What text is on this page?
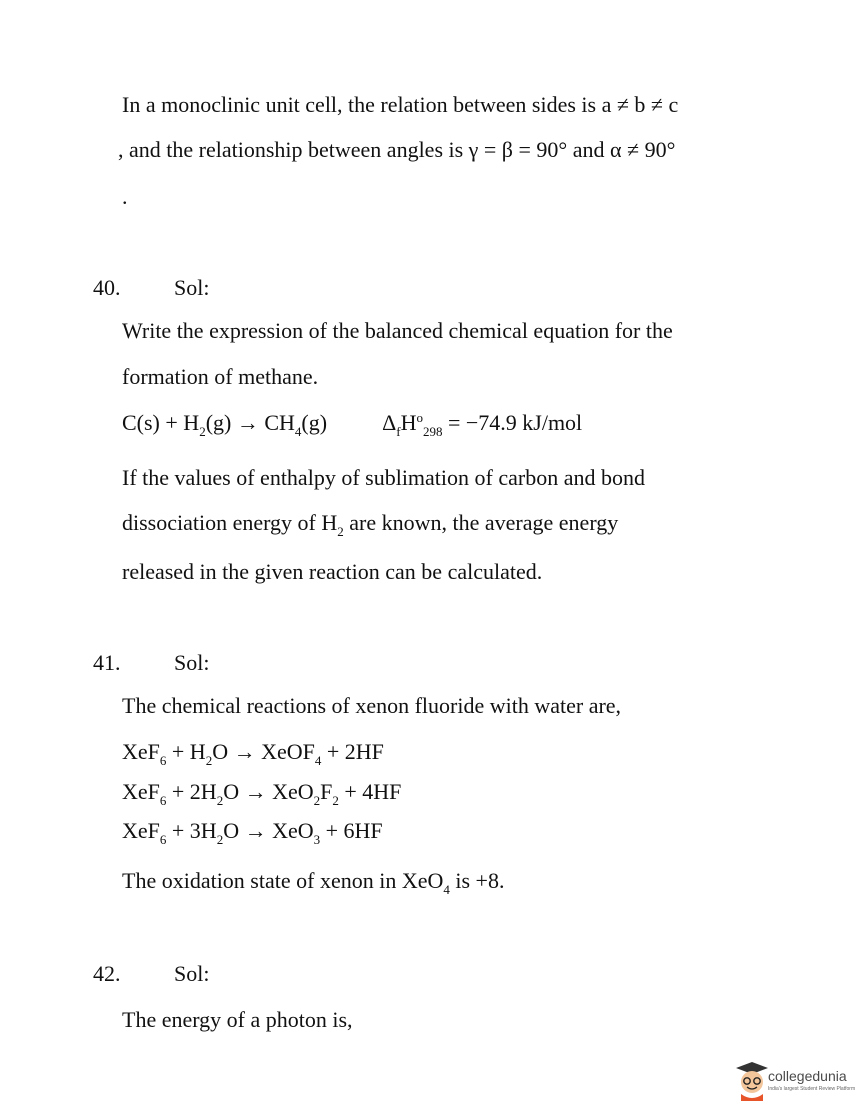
In a monoclinic unit cell, the relation between sides is a ≠ b ≠ c
, and the relationship between angles is γ = β = 90° and α ≠ 90°
.
40. Sol:
Write the expression of the balanced chemical equation for the
formation of methane.
$C(s) + H_2(g) \to CH_4(g)$	$\Delta_fH^o_{298} = -74.9$ kJ/mol
If the values of enthalpy of sublimation of carbon and bond
dissociation energy of $H_2$ are known, the average energy
released in the given reaction can be calculated.
41. Sol:
The chemical reactions of xenon fluoride with water are,
$XeF_6 + H_2O$ → XeOF$_4$ + 2HF
$XeF_6 + 2H_2O \to XeO_2F_2 + 4HF$
$XeF_6 + 3H_2O \to XeO_3 + 6HF$
The oxidation state of xenon in XeO$_4$ is +8.
42. Sol:
The energy of a photon is,
collegedunia
India's largest Student Review Platform
